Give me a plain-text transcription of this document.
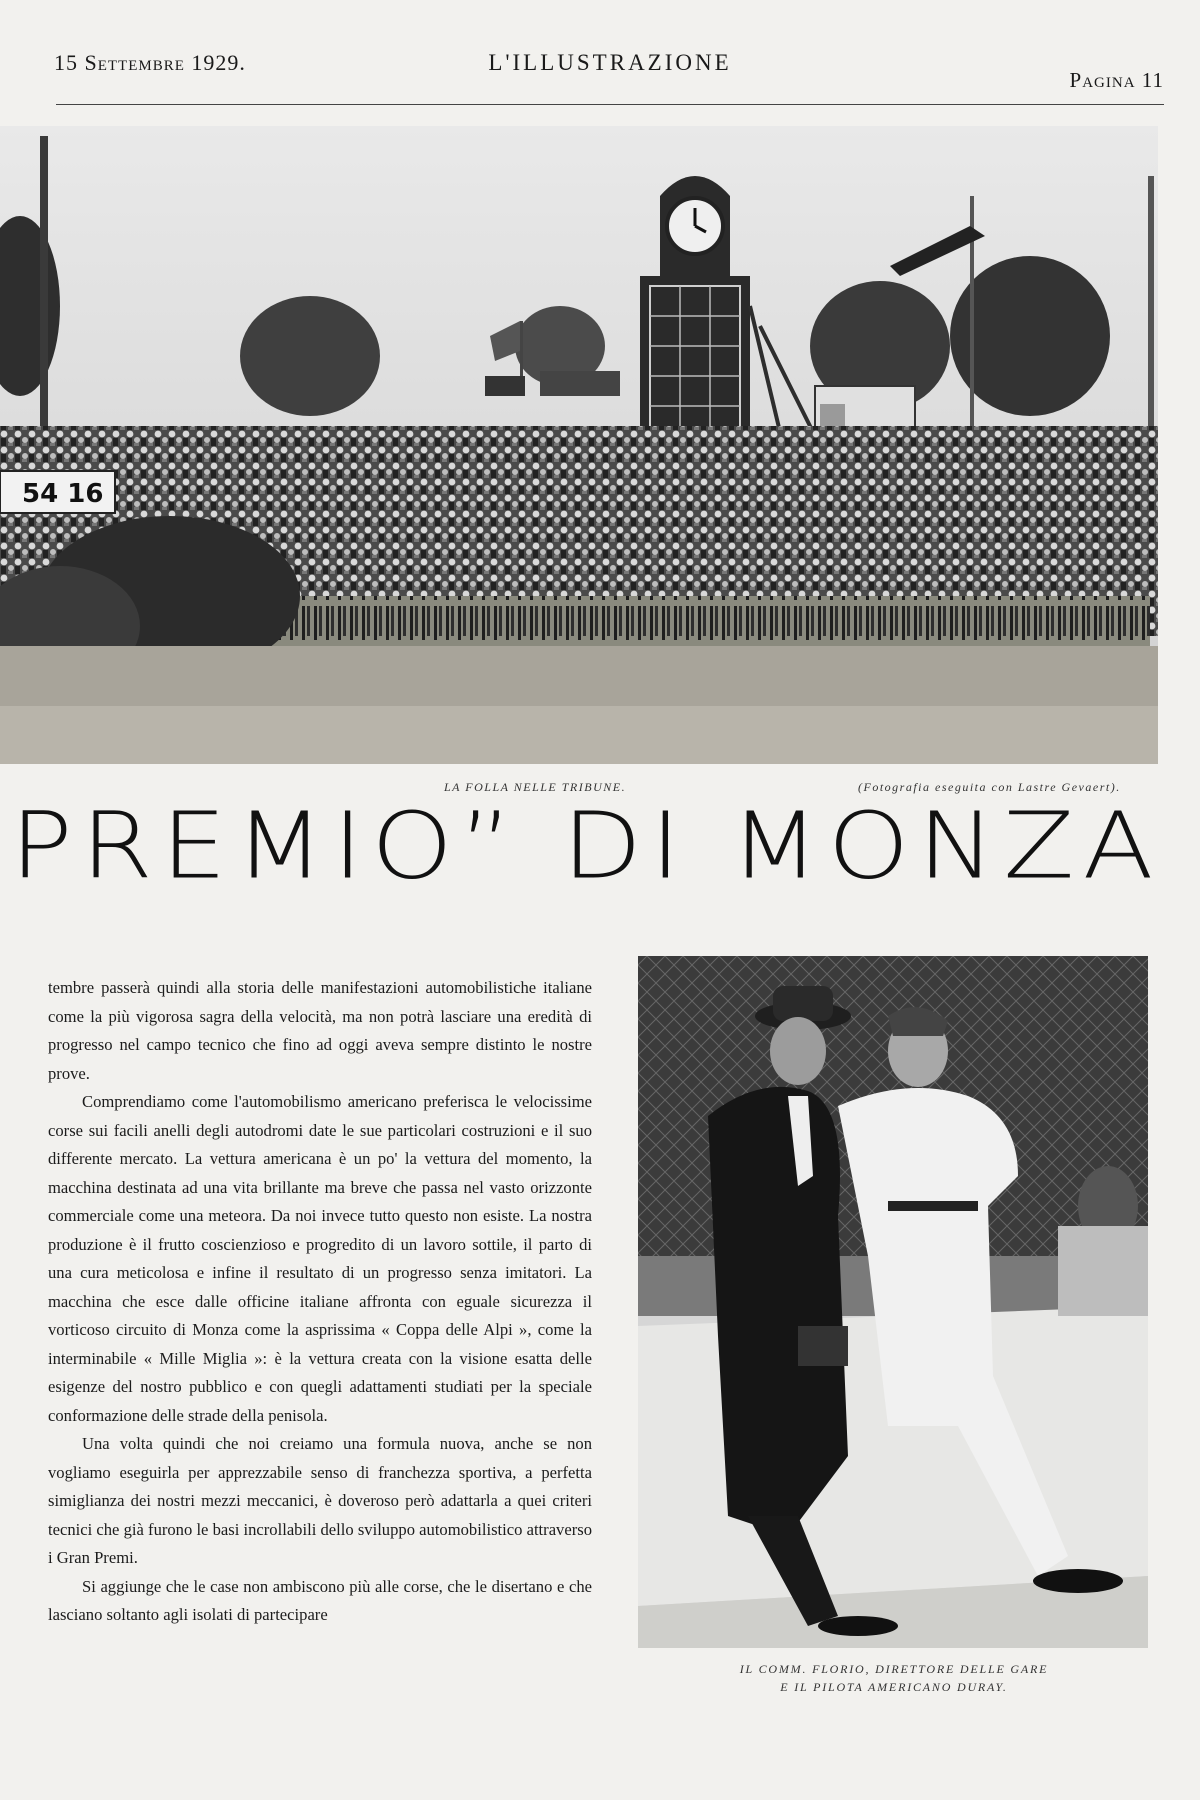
15 Settembre 1929.	L'ILLUSTRAZIONE
Pagina 11
54 16
LA FOLLA NELLE TRIBUNE.	(Fotografia eseguita con Lastre Gevaert).
PREMIO” DI MONZA

tembre passerà quindi alla storia delle manifestazioni automobilistiche italiane come la più vigorosa sagra della velocità, ma non potrà lasciare una eredità di progresso nel campo tecnico che fino ad oggi aveva sempre distinto le nostre prove.

Comprendiamo come l'automobilismo americano preferisca le velocissime corse sui facili anelli degli autodromi date le sue particolari costruzioni e il suo differente mercato. La vettura americana è un po' la vettura del momento, la macchina destinata ad una vita brillante ma breve che passa nel vasto orizzonte commerciale come una meteora. Da noi invece tutto questo non esiste. La nostra produzione è il frutto coscienzioso e progredito di un lavoro sottile, il parto di una cura meticolosa e infine il resultato di un progresso senza imitatori. La macchina che esce dalle officine italiane affronta con eguale sicurezza il vorticoso circuito di Monza come la asprissima « Coppa delle Alpi », come la interminabile « Mille Miglia »: è la vettura creata con la visione esatta delle esigenze del nostro pubblico e con quegli adattamenti studiati per la speciale conformazione delle strade della penisola.

Una volta quindi che noi creiamo una formula nuova, anche se non vogliamo eseguirla per apprezzabile senso di franchezza sportiva, a perfetta simiglianza dei nostri mezzi meccanici, è doveroso però adattarla a quei criteri tecnici che già furono le basi incrollabili dello sviluppo automobilistico attraverso i Gran Premi.

Si aggiunge che le case non ambiscono più alle corse, che le disertano e che lasciano soltanto agli isolati di partecipare

IL COMM. FLORIO, DIRETTORE DELLE GARE
E IL PILOTA AMERICANO DURAY.
